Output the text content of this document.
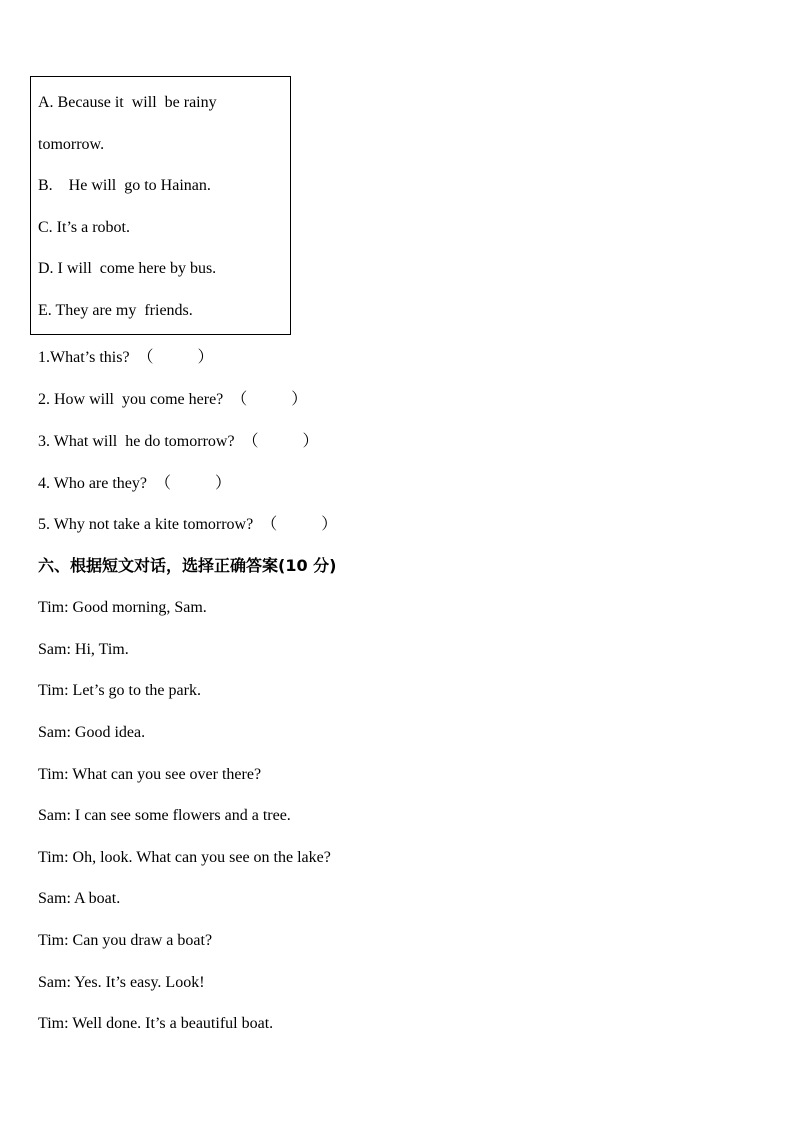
A. Because it  will  be rainy
tomorrow.
B.    He will  go to Hainan.
C. It’s a robot.
D. I will  come here by bus.
E. They are my  friends.
1.What’s this?  （           ）
2. How will  you come here?  （           ）
3. What will  he do tomorrow?  （           ）
4. Who are they?  （           ）
5. Why not take a kite tomorrow?  （           ）
六、根据短文对话，选择正确答案(10 分)
Tim: Good morning, Sam.
Sam: Hi, Tim.
Tim: Let’s go to the park.
Sam: Good idea.
Tim: What can you see over there?
Sam: I can see some flowers and a tree.
Tim: Oh, look. What can you see on the lake?
Sam: A boat.
Tim: Can you draw a boat?
Sam: Yes. It’s easy. Look!
Tim: Well done. It’s a beautiful boat.
